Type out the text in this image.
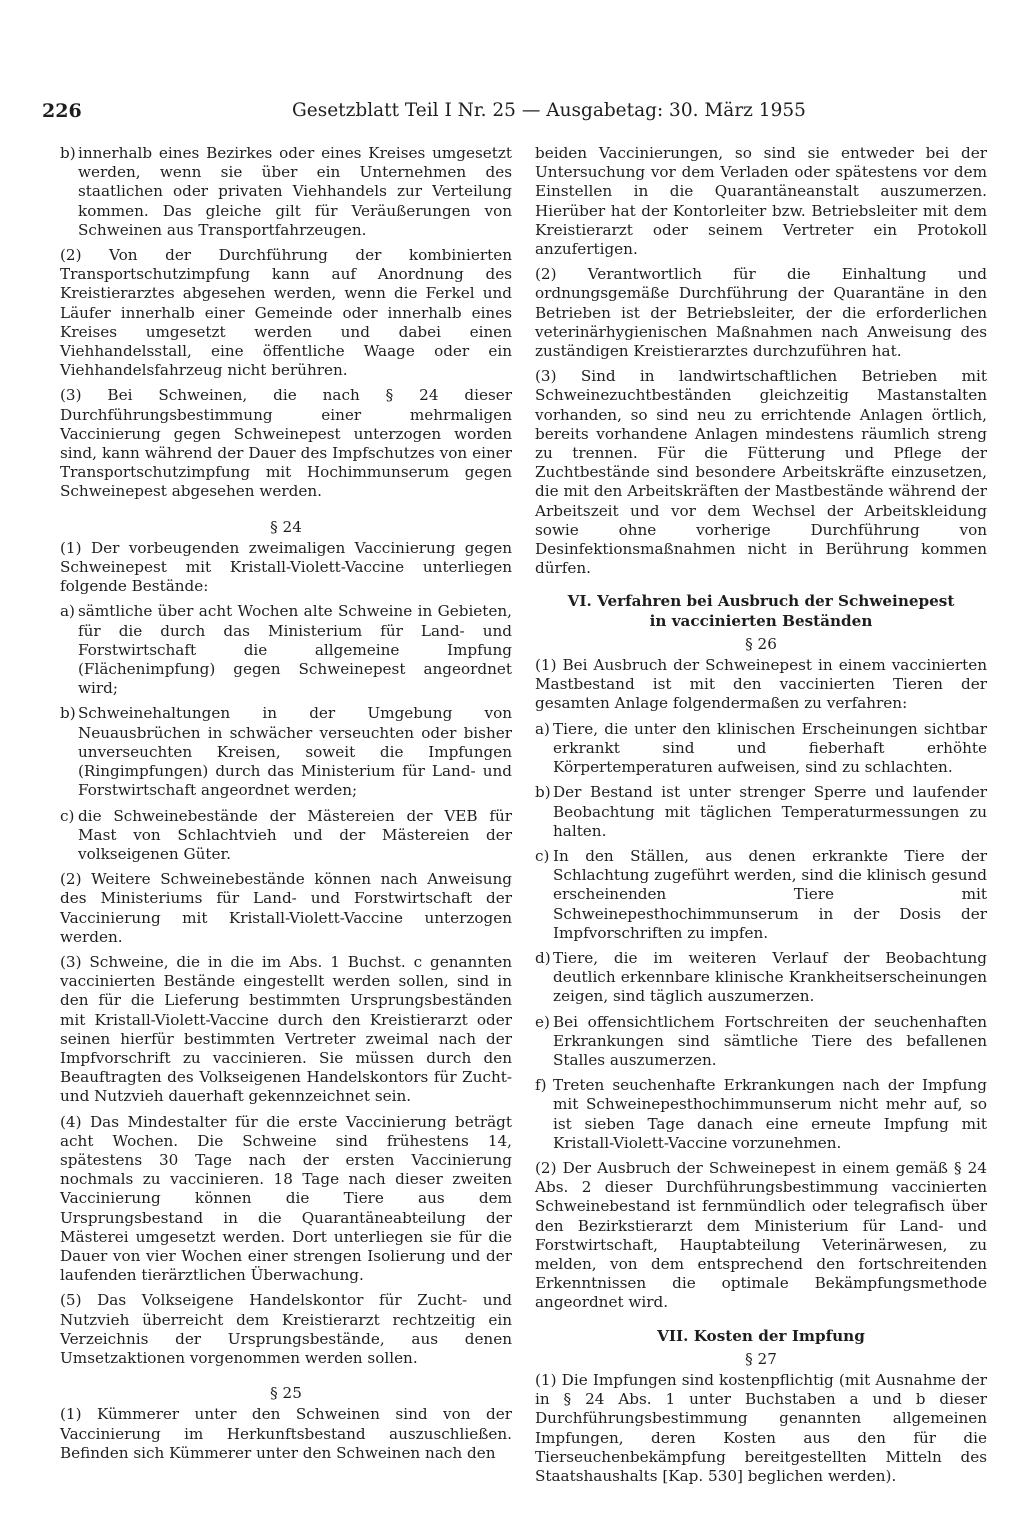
226	Gesetzblatt Teil I Nr. 25 — Ausgabetag: 30. März 1955
b) innerhalb eines Bezirkes oder eines Kreises umgesetzt werden, wenn sie über ein Unternehmen des staatlichen oder privaten Viehhandels zur Verteilung kommen. Das gleiche gilt für Veräußerungen von Schweinen aus Transportfahrzeugen.

(2) Von der Durchführung der kombinierten Transportschutzimpfung kann auf Anordnung des Kreistierarztes abgesehen werden, wenn die Ferkel und Läufer innerhalb einer Gemeinde oder innerhalb eines Kreises umgesetzt werden und dabei einen Viehhandelsstall, eine öffentliche Waage oder ein Viehhandelsfahrzeug nicht berühren.

(3) Bei Schweinen, die nach § 24 dieser Durchführungsbestimmung einer mehrmaligen Vaccinierung gegen Schweinepest unterzogen worden sind, kann während der Dauer des Impfschutzes von einer Transportschutzimpfung mit Hochimmunserum gegen Schweinepest abgesehen werden.

§ 24

(1) Der vorbeugenden zweimaligen Vaccinierung gegen Schweinepest mit Kristall-Violett-Vaccine unterliegen folgende Bestände:

a) sämtliche über acht Wochen alte Schweine in Gebieten, für die durch das Ministerium für Land- und Forstwirtschaft die allgemeine Impfung (Flächenimpfung) gegen Schweinepest angeordnet wird;
b) Schweinehaltungen in der Umgebung von Neuausbrüchen in schwächer verseuchten oder bisher unverseuchten Kreisen, soweit die Impfungen (Ringimpfungen) durch das Ministerium für Land- und Forstwirtschaft angeordnet werden;
c) die Schweinebestände der Mästereien der VEB für Mast von Schlachtvieh und der Mästereien der volkseigenen Güter.

(2) Weitere Schweinebestände können nach Anweisung des Ministeriums für Land- und Forstwirtschaft der Vaccinierung mit Kristall-Violett-Vaccine unterzogen werden.

(3) Schweine, die in die im Abs. 1 Buchst. c genannten vaccinierten Bestände eingestellt werden sollen, sind in den für die Lieferung bestimmten Ursprungsbeständen mit Kristall-Violett-Vaccine durch den Kreistierarzt oder seinen hierfür bestimmten Vertreter zweimal nach der Impfvorschrift zu vaccinieren. Sie müssen durch den Beauftragten des Volkseigenen Handelskontors für Zucht- und Nutzvieh dauerhaft gekennzeichnet sein.

(4) Das Mindestalter für die erste Vaccinierung beträgt acht Wochen. Die Schweine sind frühestens 14, spätestens 30 Tage nach der ersten Vaccinierung nochmals zu vaccinieren. 18 Tage nach dieser zweiten Vaccinierung können die Tiere aus dem Ursprungsbestand in die Quarantäneabteilung der Mästerei umgesetzt werden. Dort unterliegen sie für die Dauer von vier Wochen einer strengen Isolierung und der laufenden tierärztlichen Überwachung.

(5) Das Volkseigene Handelskontor für Zucht- und Nutzvieh überreicht dem Kreistierarzt rechtzeitig ein Verzeichnis der Ursprungsbestände, aus denen Umsetzaktionen vorgenommen werden sollen.

§ 25

(1) Kümmerer unter den Schweinen sind von der Vaccinierung im Herkunftsbestand auszuschließen. Befinden sich Kümmerer unter den Schweinen nach den

beiden Vaccinierungen, so sind sie entweder bei der Untersuchung vor dem Verladen oder spätestens vor dem Einstellen in die Quarantäneanstalt auszumerzen. Hierüber hat der Kontorleiter bzw. Betriebsleiter mit dem Kreistierarzt oder seinem Vertreter ein Protokoll anzufertigen.

(2) Verantwortlich für die Einhaltung und ordnungsgemäße Durchführung der Quarantäne in den Betrieben ist der Betriebsleiter, der die erforderlichen veterinärhygienischen Maßnahmen nach Anweisung des zuständigen Kreistierarztes durchzuführen hat.

(3) Sind in landwirtschaftlichen Betrieben mit Schweinezuchtbeständen gleichzeitig Mastanstalten vorhanden, so sind neu zu errichtende Anlagen örtlich, bereits vorhandene Anlagen mindestens räumlich streng zu trennen. Für die Fütterung und Pflege der Zuchtbestände sind besondere Arbeitskräfte einzusetzen, die mit den Arbeitskräften der Mastbestände während der Arbeitszeit und vor dem Wechsel der Arbeitskleidung sowie ohne vorherige Durchführung von Desinfektionsmaßnahmen nicht in Berührung kommen dürfen.

VI. Verfahren bei Ausbruch der Schweinepest
in vaccinierten Beständen
§ 26

(1) Bei Ausbruch der Schweinepest in einem vaccinierten Mastbestand ist mit den vaccinierten Tieren der gesamten Anlage folgendermaßen zu verfahren:

a) Tiere, die unter den klinischen Erscheinungen sichtbar erkrankt sind und fieberhaft erhöhte Körpertemperaturen aufweisen, sind zu schlachten.
b) Der Bestand ist unter strenger Sperre und laufender Beobachtung mit täglichen Temperaturmessungen zu halten.
c) In den Ställen, aus denen erkrankte Tiere der Schlachtung zugeführt werden, sind die klinisch gesund erscheinenden Tiere mit Schweinepesthochimmunserum in der Dosis der Impfvorschriften zu impfen.
d) Tiere, die im weiteren Verlauf der Beobachtung deutlich erkennbare klinische Krankheitserscheinungen zeigen, sind täglich auszumerzen.
e) Bei offensichtlichem Fortschreiten der seuchenhaften Erkrankungen sind sämtliche Tiere des befallenen Stalles auszumerzen.
f) Treten seuchenhafte Erkrankungen nach der Impfung mit Schweinepesthochimmunserum nicht mehr auf, so ist sieben Tage danach eine erneute Impfung mit Kristall-Violett-Vaccine vorzunehmen.

(2) Der Ausbruch der Schweinepest in einem gemäß § 24 Abs. 2 dieser Durchführungsbestimmung vaccinierten Schweinebestand ist fernmündlich oder telegrafisch über den Bezirkstierarzt dem Ministerium für Land- und Forstwirtschaft, Hauptabteilung Veterinärwesen, zu melden, von dem entsprechend den fortschreitenden Erkenntnissen die optimale Bekämpfungsmethode angeordnet wird.

VII. Kosten der Impfung
§ 27

(1) Die Impfungen sind kostenpflichtig (mit Ausnahme der in § 24 Abs. 1 unter Buchstaben a und b dieser Durchführungsbestimmung genannten allgemeinen Impfungen, deren Kosten aus den für die Tierseuchenbekämpfung bereitgestellten Mitteln des Staatshaushalts [Kap. 530] beglichen werden).
